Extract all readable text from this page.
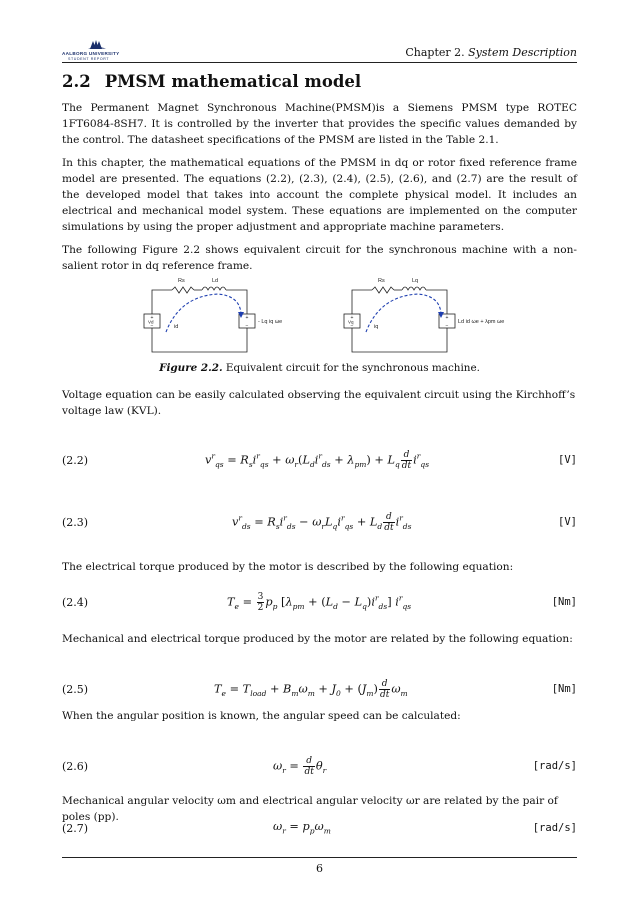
AALBORG UNIVERSITY
STUDENT REPORT	Chapter 2. System Description
2.2 PMSM mathematical model

The Permanent Magnet Synchronous Machine(PMSM)is a Siemens PMSM type ROTEC 1FT6084-8SH7. It is controlled by the inverter that provides the specific values demanded by the control. The datasheet specifications of the PMSM are listed in the Table 2.1.

In this chapter, the mathematical equations of the PMSM in dq or rotor fixed reference frame model are presented. The equations (2.2), (2.3), (2.4), (2.5), (2.6), and (2.7) are the result of the developed model that takes into account the complete physical model. It includes an electrical and mechanical model system. These equations are implemented on the computer simulations by using the proper adjustment and appropriate machine parameters.

The following Figure 2.2 shows equivalent circuit for the synchronous machine with a non-salient rotor in dq reference frame.

+
−
+
−
+
−
+
−
Rs	Ld
Vd
id
- Lq iq ωe
Rs	Lq
Vq
iq
Ld id ωe + λpm ωe
Figure 2.2. Equivalent circuit for the synchronous machine.
Voltage equation can be easily calculated observing the equivalent circuit using the Kirchhoff’s voltage law (KVL).
(2.2)	$v^r_{qs} = R_si^r_{qs} + \omega_r(L_di^r_{ds} + \lambda_{pm}) + L_q \frac{d}{dt} i^r_{qs}$	[V]
(2.3)	$v^r_{ds} = R_si^r_{ds} - \omega_rL_qi^r_{qs} + L_d \frac{d}{dt} i^r_{ds}$	[V]
The electrical torque produced by the motor is described by the following equation:
(2.4)	$T_e = \frac{3}{2} p_p$ $[\lambda_{pm} + (L_d - L_q)i^r_{ds}]$ $i^r_{qs}$	[Nm]
Mechanical and electrical torque produced by the motor are related by the following equation:
(2.5)	$T_e = T_{load} + B_m\omega_m + J_0 + (J_m) \frac{d}{dt} \omega_m$	[Nm]
When the angular position is known, the angular speed can be calculated:
(2.6)	$\omega_r = \frac{d}{dt} \theta_r$	[rad/s]
Mechanical angular velocity ωm and electrical angular velocity ωr are related by the pair of poles (pp).
(2.7)	$\omega_r = p_p\omega_m$	[rad/s]
6
